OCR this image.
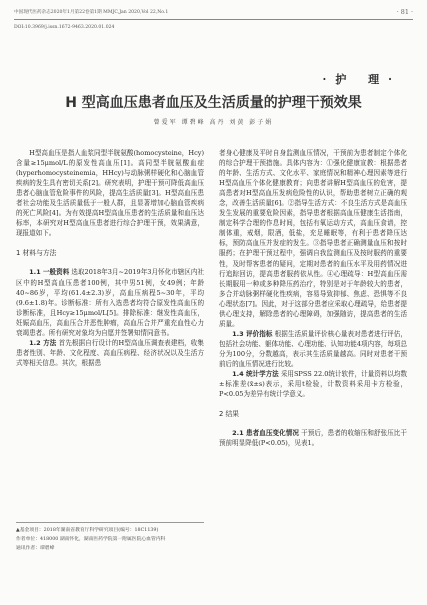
中国现代医药杂志2020年1月第22卷第1期 MMJC,Jan 2020,Vol 22,No.1	· 81 ·
DOI:10.3969/j.issn.1672-9463.2020.01.024
·护 理·
H 型高血压患者血压及生活质量的护理干预效果
曾爱军 谭碧峰 高丹 刘黄 彭子娟

H型高血压是指人血浆同型半胱氨酸(homocysteine，Hcy)含量≥15μmol/L的原发性高血压[1]。高同型半胱氨酸血症(hyperhomocysteinemia，HHcy)与动脉粥样硬化和心脑血管疾病的发生具有密切关系[2]。研究表明，护理干预可降低高血压患者心脑血管危险事件的风险，提高生活质量[3]。H型高血压患者社会功能及生活质量低于一般人群，且显著增加心脑血管疾病的死亡风险[4]。为有效提高H型高血压患者的生活质量和血压达标率，本研究对H型高血压患者进行综合护理干预，效果满意，现报道如下。

1 材料与方法

1.1 一般资料 选取2018年3月~2019年3月怀化市辖区内社区中的H型高血压患者100例，其中男51例，女49例；年龄40~86岁，平均(61.4±2.3)岁，高血压病程5~30年，平均(9.6±1.8)年。诊断标准：所有入选患者均符合原发性高血压的诊断标准，且Hcy≥15μmol/L[5]。排除标准：继发性高血压，妊娠高血压，高血压合并恶性肿瘤，高血压合并严重充血性心力衰竭患者。所有研究对象均为自愿并签署知情同意书。

1.2 方法 首先根据自行设计的H型高血压调查表建档，收集患者性别、年龄、文化程度、高血压病程、经济状况以及生活方式等相关信息。其次，根据患

者身心健康及平时自身监测血压情况，干预前为患者制定个体化的综合护理干预措施。具体内容为：①强化健康宣教：根据患者的年龄、生活方式、文化水平、家庭情况和精神心理因素等进行H型高血压个体化健康教育；向患者讲解H型高血压的危害，提高患者对H型高血压发病危险性的认识，帮助患者树立正确的观念，改善生活质量[6]。②指导生活方式：不良生活方式是高血压发生发展的重要危险因素，指导患者根据高血压健康生活指南，制定科学合理的作息时间，包括有氧运动方式，高血压食谱，控制体重，戒烟，限酒，低盐，充足睡眠等，有利于患者降压达标，预防高血压并发症的发生。③指导患者正确测量血压和按时服药；在护理干预过程中，强调自我监测血压及按时服药的重要性，及时帮客患者的疑问，定期对患者的血压水平及用药情况进行追踪回访，提高患者服药依从性。④心理疏导：H型高血压需长期服用一种或多种降压药治疗，特别是对于年龄较大的患者，多合并动脉粥样硬化性疾病，容易导致抑郁、焦虑、恐惧等不良心理状态[7]。因此，对于这部分患者应采取心理疏导，给患者提供心理支持，解除患者的心理障碍，加强随访，提高患者的生活质量。

1.3 评价指标 根据生活质量评价核心量表对患者进行评估，包括社会功能、躯体功能、心理功能、认知功能4项内容，每项总分为100分，分数越高，表示其生活质量越高。同时对患者干预前后的血压情况进行比较。

1.4 统计学方法 采用SPSS 22.0统计软件，计量资料以均数±标准差(x̄±s)表示，采用t检验，计数资料采用卡方检验，P<0.05为差异有统计学意义。

2 结果

2.1 患者血压变化情况 干预后，患者的收缩压和舒张压比干预前明显降低(P<0.05)，见表1。

▲基金项目：2018年湖南省教育厅科学研究项目(编号：18C1139)
作者单位：418000 湖南怀化，湖南医药学院第一附属医院心血管内科
通讯作者：谭碧峰
